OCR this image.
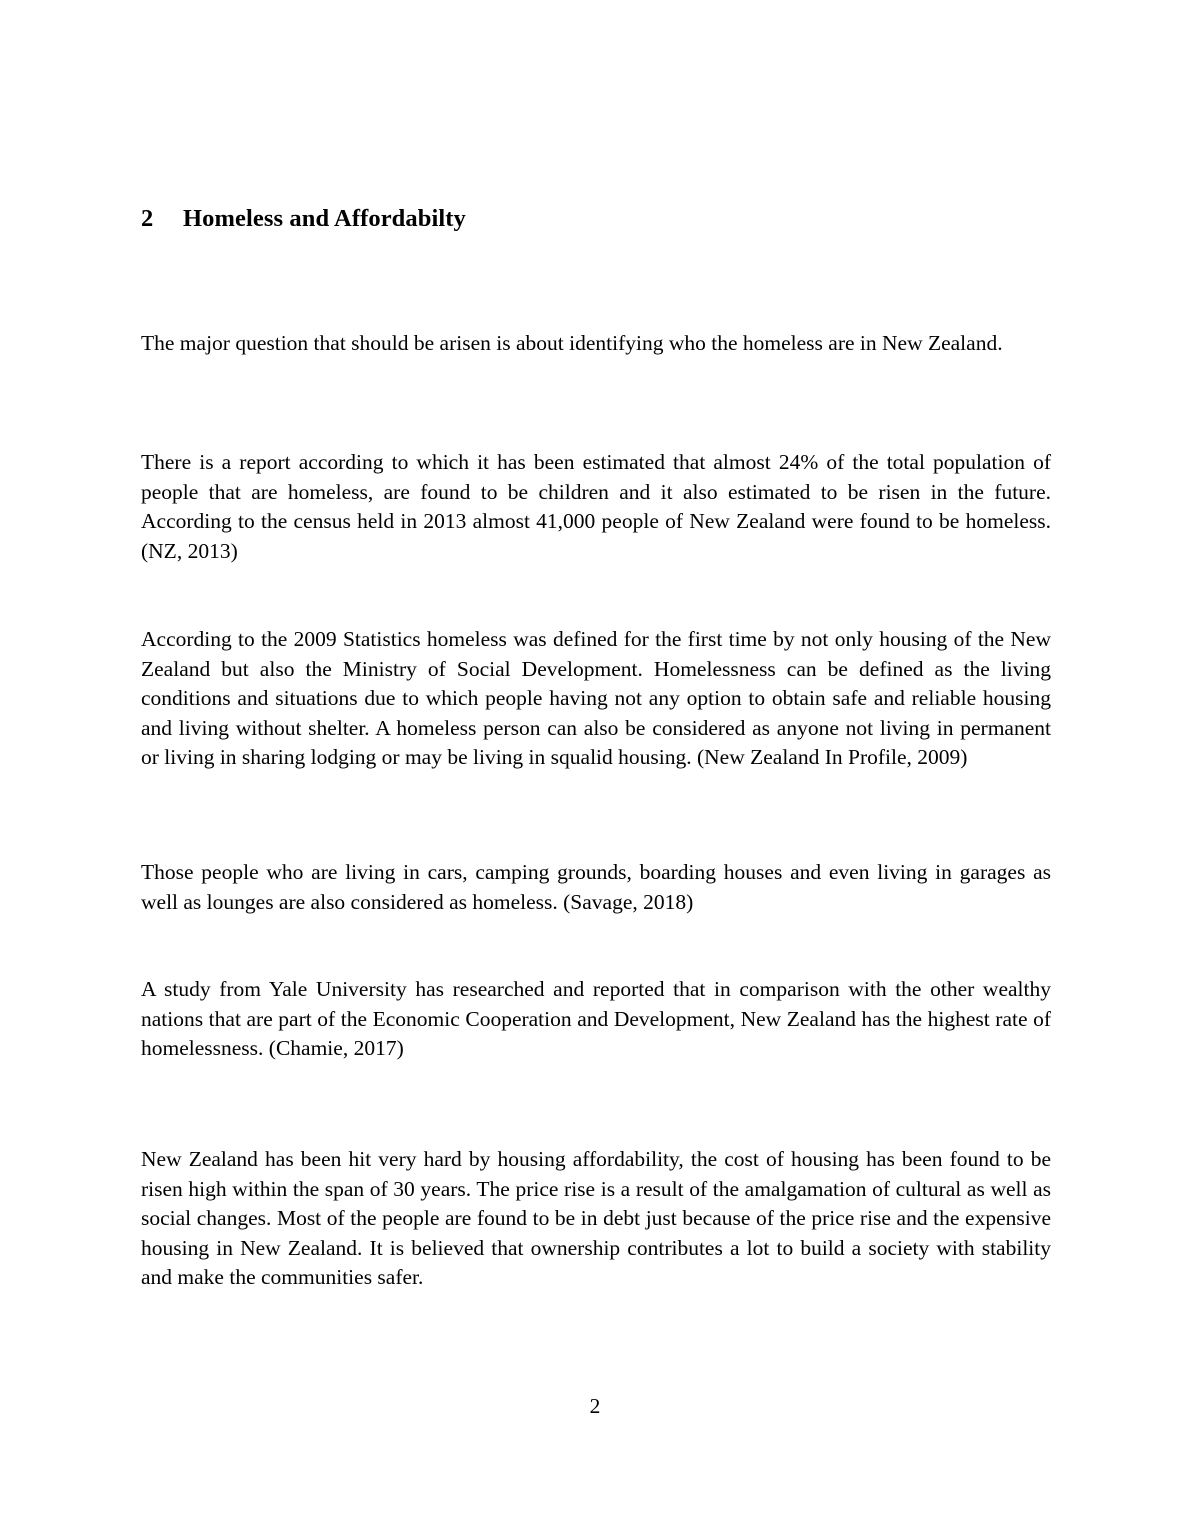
2 Homeless and Affordabilty

The major question that should be arisen is about identifying who the homeless are in New Zealand.

There is a report according to which it has been estimated that almost 24% of the total population of people that are homeless, are found to be children and it also estimated to be risen in the future. According to the census held in 2013 almost 41,000 people of New Zealand were found to be homeless. (NZ, 2013)

According to the 2009 Statistics homeless was defined for the first time by not only housing of the New Zealand but also the Ministry of Social Development. Homelessness can be defined as the living conditions and situations due to which people having not any option to obtain safe and reliable housing and living without shelter. A homeless person can also be considered as anyone not living in permanent or living in sharing lodging or may be living in squalid housing. (New Zealand In Profile, 2009)

Those people who are living in cars, camping grounds, boarding houses and even living in garages as well as lounges are also considered as homeless. (Savage, 2018)

A study from Yale University has researched and reported that in comparison with the other wealthy nations that are part of the Economic Cooperation and Development, New Zealand has the highest rate of homelessness. (Chamie, 2017)

New Zealand has been hit very hard by housing affordability, the cost of housing has been found to be risen high within the span of 30 years. The price rise is a result of the amalgamation of cultural as well as social changes. Most of the people are found to be in debt just because of the price rise and the expensive housing in New Zealand. It is believed that ownership contributes a lot to build a society with stability and make the communities safer.

2
